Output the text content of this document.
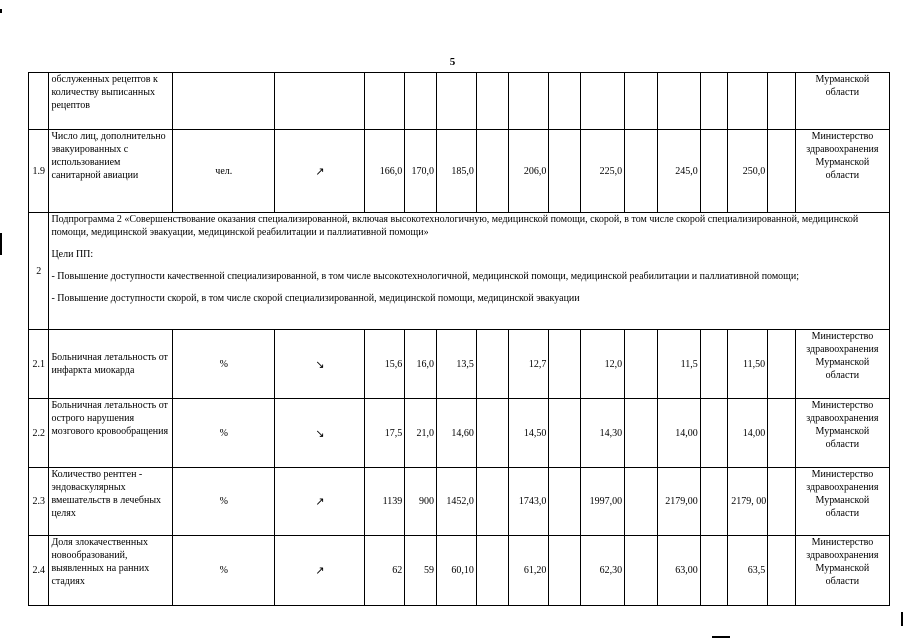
5
	обслуженных рецептов к количеству выписанных рецептов															Мурманской области
1.9	Число лиц, дополнительно эвакуированных с использованием санитарной авиации	чел.	↗	166,0	170,0	185,0		206,0		225,0		245,0		250,0		Министерство здравоохранения Мурманской области
2	Подпрограмма 2 «Совершенствование оказания специализированной, включая высокотехнологичную, медицинской помощи, скорой, в том числе скорой специализированной, медицинской помощи, медицинской эвакуации, медицинской реабилитации и паллиативной помощи»

Цели ПП:

- Повышение доступности качественной специализированной, в том числе высокотехнологичной, медицинской помощи, медицинской реабилитации и паллиативной помощи;

- Повышение доступности скорой, в том числе скорой специализированной, медицинской помощи, медицинской эвакуации															

2.1	Больничная летальность от инфаркта миокарда	%	↘	15,6	16,0	13,5		12,7		12,0		11,5		11,50		Министерство здравоохранения Мурманской области
2.2	Больничная летальность от острого нарушения мозгового кровообращения	%	↘	17,5	21,0	14,60		14,50		14,30		14,00		14,00		Министерство здравоохранения Мурманской области
2.3	Количество рентген - эндоваскулярных вмешательств в лечебных целях	%	↗	1139	900	1452,0		1743,0		1997,00		2179,00		2179, 00		Министерство здравоохранения Мурманской области
2.4	Доля злокачественных новообразований, выявленных на ранних стадиях	%	↗	62	59	60,10		61,20		62,30		63,00		63,5		Министерство здравоохранения Мурманской области
